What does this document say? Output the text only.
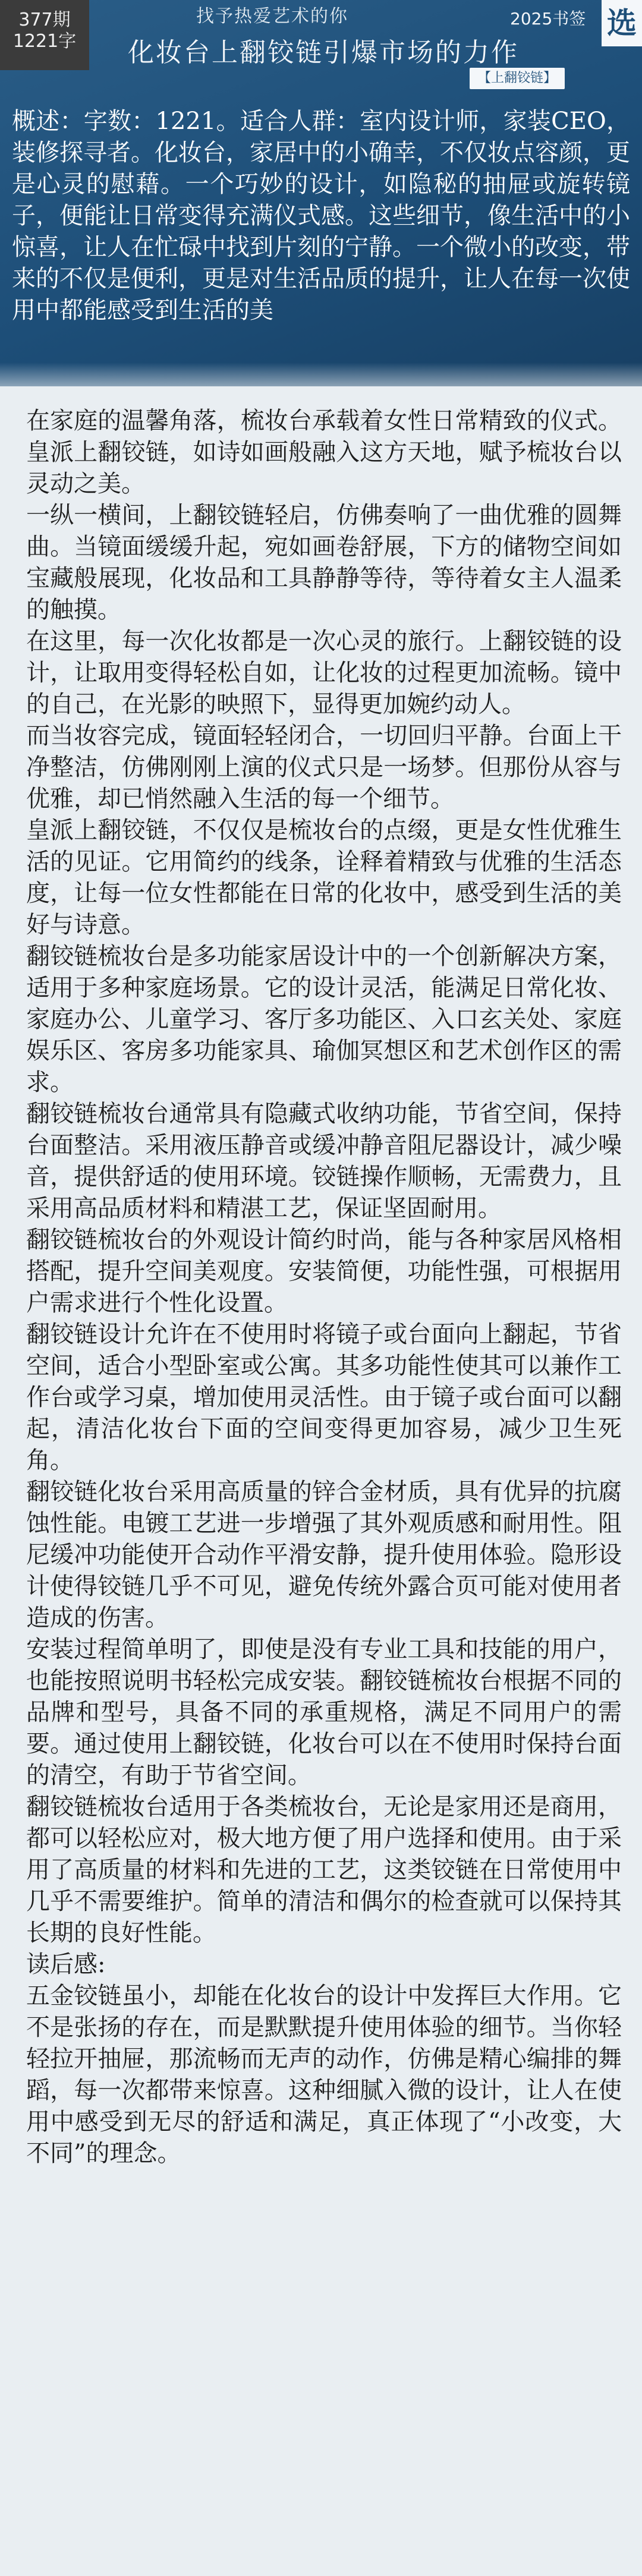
377期
1221字
找予热爱艺术的你
化妆台上翻铰链引爆市场的力作
2025书签 选
【上翻铰链】

概述：字数：1221。适合人群：室内设计师，家装CEO，装修探寻者。化妆台，家居中的小确幸，不仅妆点容颜，更是心灵的慰藉。一个巧妙的设计，如隐秘的抽屉或旋转镜子，便能让日常变得充满仪式感。这些细节，像生活中的小惊喜，让人在忙碌中找到片刻的宁静。一个微小的改变，带来的不仅是便利，更是对生活品质的提升，让人在每一次使用中都能感受到生活的美

在家庭的温馨角落，梳妆台承载着女性日常精致的仪式。皇派上翻铰链，如诗如画般融入这方天地，赋予梳妆台以灵动之美。

一纵一横间，上翻铰链轻启，仿佛奏响了一曲优雅的圆舞曲。当镜面缓缓升起，宛如画卷舒展，下方的储物空间如宝藏般展现，化妆品和工具静静等待，等待着女主人温柔的触摸。

在这里，每一次化妆都是一次心灵的旅行。上翻铰链的设计，让取用变得轻松自如，让化妆的过程更加流畅。镜中的自己，在光影的映照下，显得更加婉约动人。

而当妆容完成，镜面轻轻闭合，一切回归平静。台面上干净整洁，仿佛刚刚上演的仪式只是一场梦。但那份从容与优雅，却已悄然融入生活的每一个细节。

皇派上翻铰链，不仅仅是梳妆台的点缀，更是女性优雅生活的见证。它用简约的线条，诠释着精致与优雅的生活态度，让每一位女性都能在日常的化妆中，感受到生活的美好与诗意。

翻铰链梳妆台是多功能家居设计中的一个创新解决方案，适用于多种家庭场景。它的设计灵活，能满足日常化妆、家庭办公、儿童学习、客厅多功能区、入口玄关处、家庭娱乐区、客房多功能家具、瑜伽冥想区和艺术创作区的需求。

翻铰链梳妆台通常具有隐藏式收纳功能，节省空间，保持台面整洁。采用液压静音或缓冲静音阻尼器设计，减少噪音，提供舒适的使用环境。铰链操作顺畅，无需费力，且采用高品质材料和精湛工艺，保证坚固耐用。

翻铰链梳妆台的外观设计简约时尚，能与各种家居风格相搭配，提升空间美观度。安装简便，功能性强，可根据用户需求进行个性化设置。

翻铰链设计允许在不使用时将镜子或台面向上翻起，节省空间，适合小型卧室或公寓。其多功能性使其可以兼作工作台或学习桌，增加使用灵活性。由于镜子或台面可以翻起，清洁化妆台下面的空间变得更加容易，减少卫生死角。

翻铰链化妆台采用高质量的锌合金材质，具有优异的抗腐蚀性能。电镀工艺进一步增强了其外观质感和耐用性。阻尼缓冲功能使开合动作平滑安静，提升使用体验。隐形设计使得铰链几乎不可见，避免传统外露合页可能对使用者造成的伤害。

安装过程简单明了，即使是没有专业工具和技能的用户，也能按照说明书轻松完成安装。翻铰链梳妆台根据不同的品牌和型号，具备不同的承重规格，满足不同用户的需要。通过使用上翻铰链，化妆台可以在不使用时保持台面的清空，有助于节省空间。

翻铰链梳妆台适用于各类梳妆台，无论是家用还是商用，都可以轻松应对，极大地方便了用户选择和使用。由于采用了高质量的材料和先进的工艺，这类铰链在日常使用中几乎不需要维护。简单的清洁和偶尔的检查就可以保持其长期的良好性能。

读后感:

五金铰链虽小，却能在化妆台的设计中发挥巨大作用。它不是张扬的存在，而是默默提升使用体验的细节。当你轻轻拉开抽屉，那流畅而无声的动作，仿佛是精心编排的舞蹈，每一次都带来惊喜。这种细腻入微的设计，让人在使用中感受到无尽的舒适和满足，真正体现了“小改变，大不同”的理念。
